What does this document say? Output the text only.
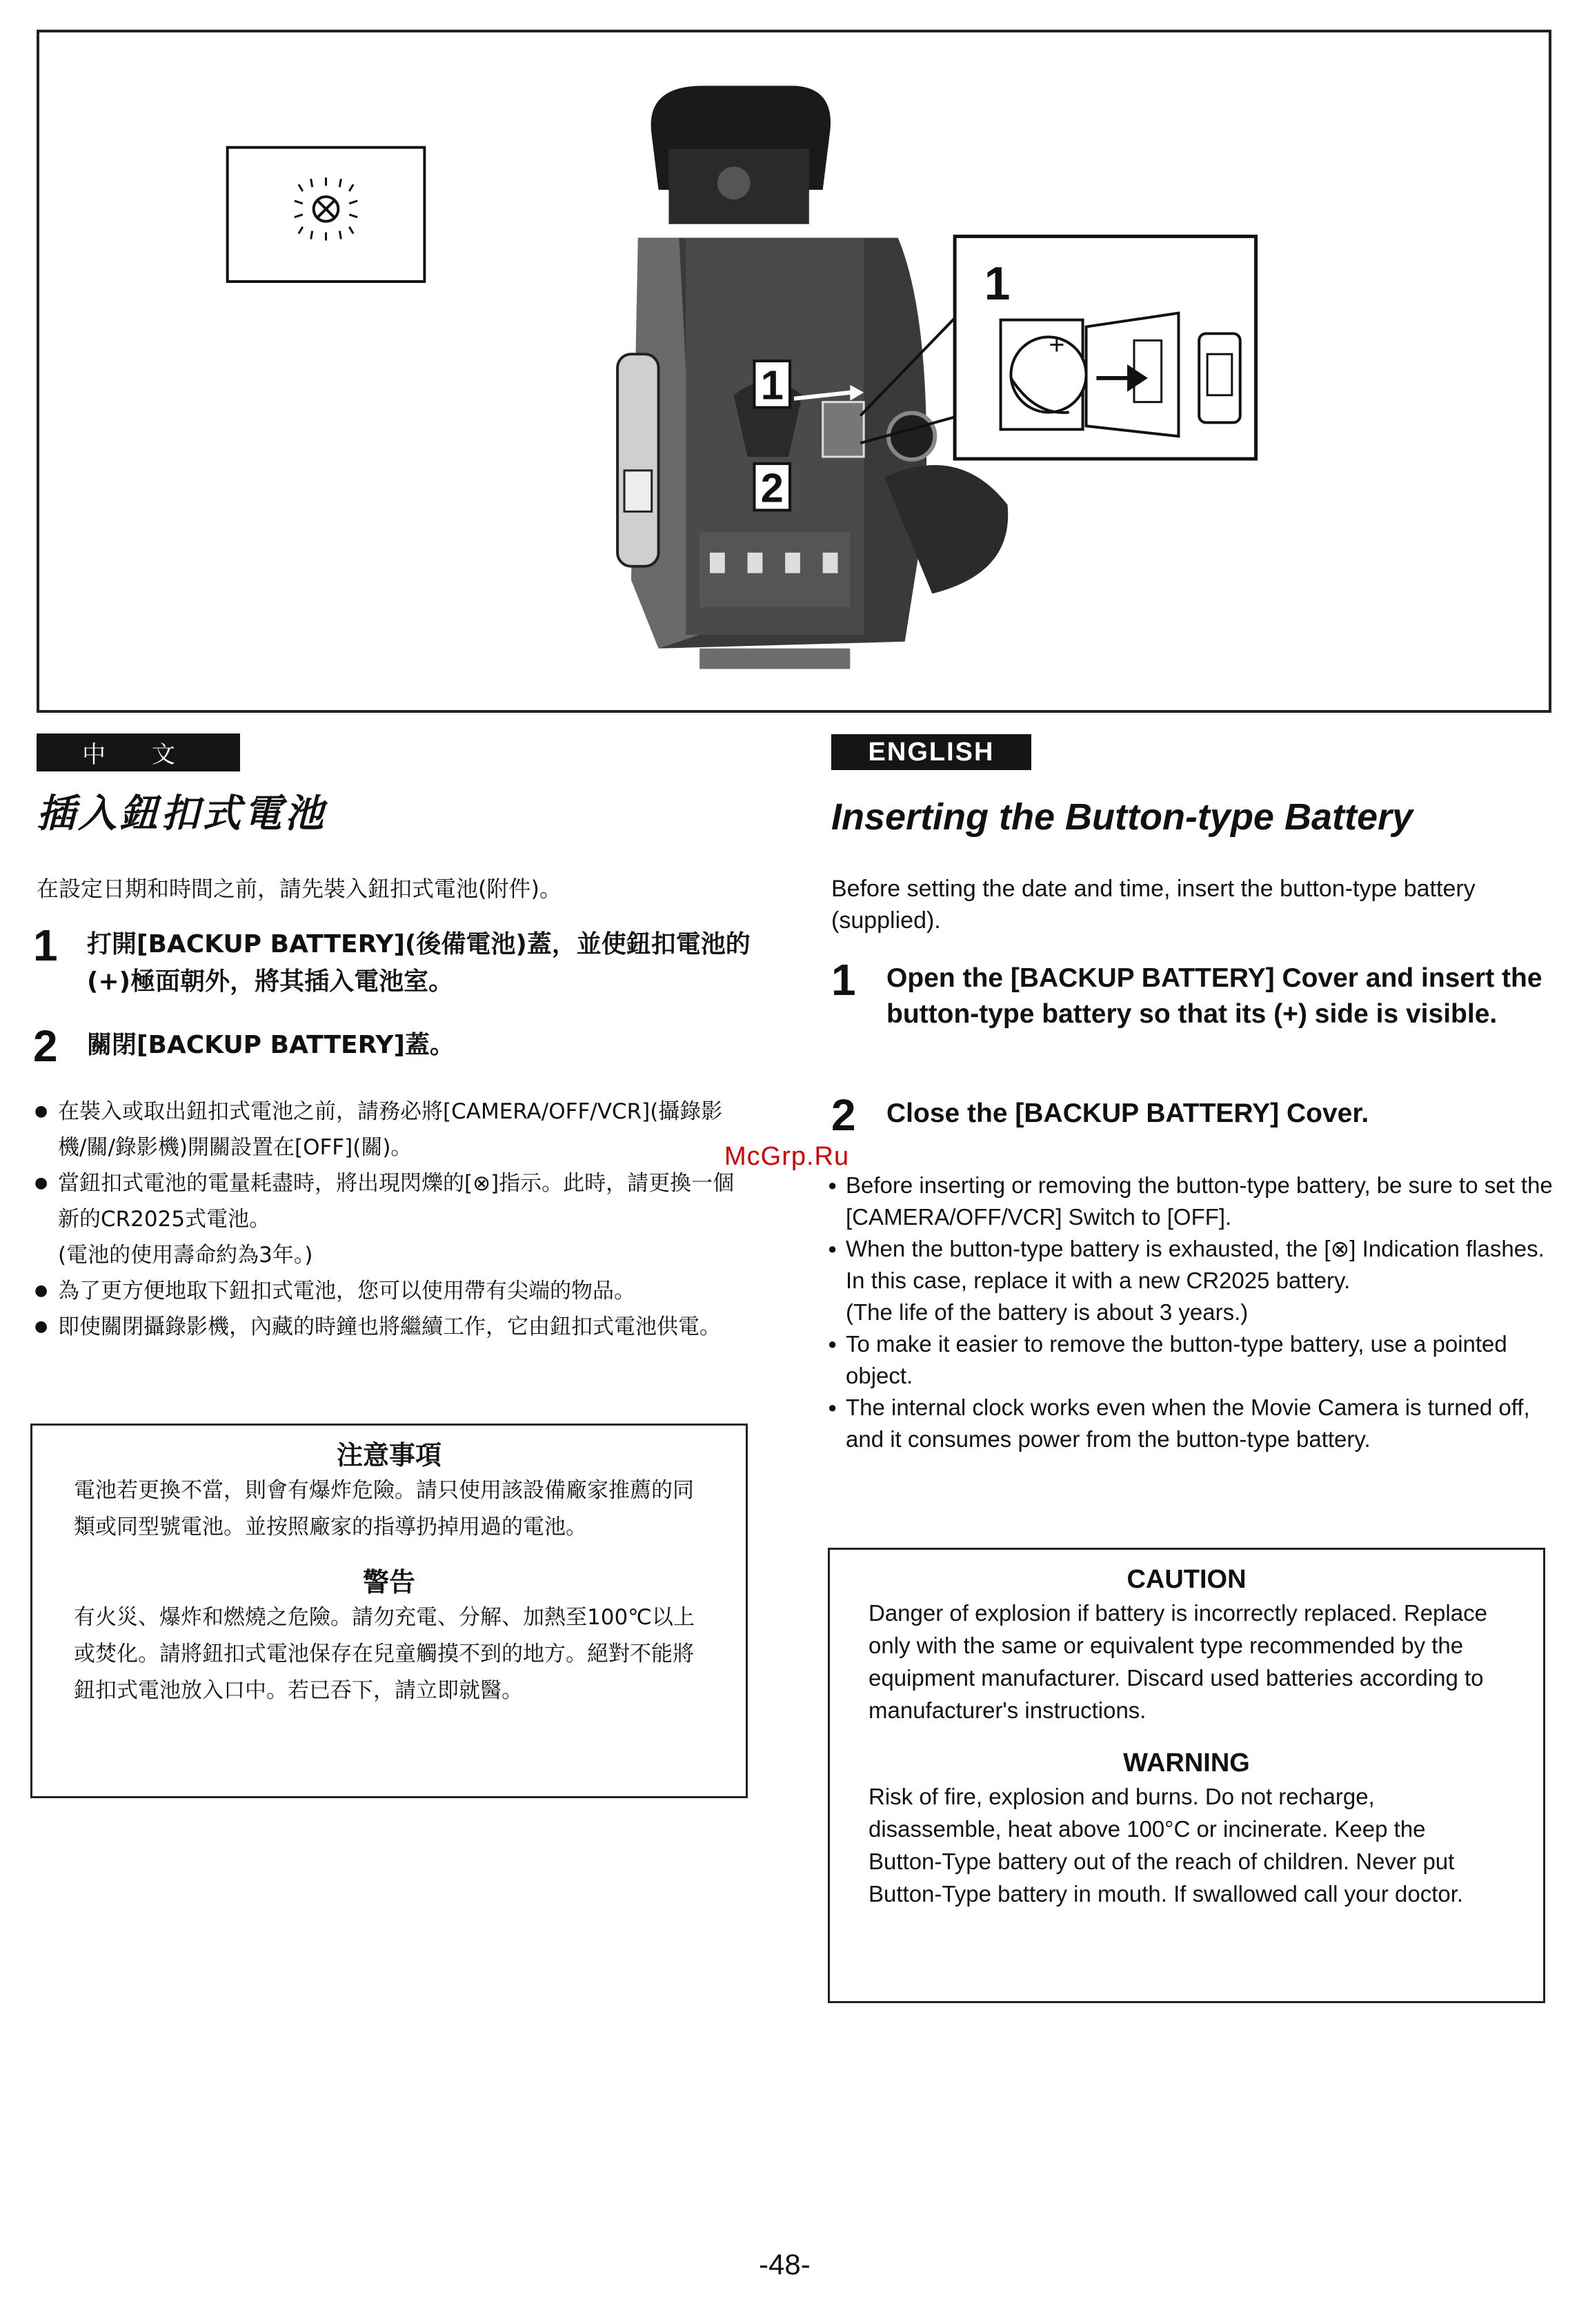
1
2
1
+
中 文	ENGLISH
插入鈕扣式電池	Inserting the Button-type Battery
在設定日期和時間之前，請先裝入鈕扣式電池(附件)。	Before setting the date and time, insert the button-type battery (supplied).
1	打開[BACKUP BATTERY](後備電池)蓋，並使鈕扣電池的(+)極面朝外，將其插入電池室。
2	關閉[BACKUP BATTERY]蓋。
1	Open the [BACKUP BATTERY] Cover and insert the button-type battery so that its (+) side is visible.
2	Close the [BACKUP BATTERY] Cover.
● 在裝入或取出鈕扣式電池之前，請務必將[CAMERA/OFF/VCR](攝錄影機/關/錄影機)開關設置在[OFF](關)。
● 當鈕扣式電池的電量耗盡時，將出現閃爍的[⊗]指示。此時，請更換一個新的CR2025式電池。
(電池的使用壽命約為3年。)
● 為了更方便地取下鈕扣式電池，您可以使用帶有尖端的物品。
● 即使關閉攝錄影機，內藏的時鐘也將繼續工作，它由鈕扣式電池供電。
● Before inserting or removing the button-type battery, be sure to set the [CAMERA/OFF/VCR] Switch to [OFF].
● When the button-type battery is exhausted, the [⊗] Indication flashes. In this case, replace it with a new CR2025 battery.
(The life of the battery is about 3 years.)
● To make it easier to remove the button-type battery, use a pointed object.
● The internal clock works even when the Movie Camera is turned off, and it consumes power from the button-type battery.
注意事項

電池若更換不當，則會有爆炸危險。請只使用該設備廠家推薦的同類或同型號電池。並按照廠家的指導扔掉用過的電池。

警告

有火災、爆炸和燃燒之危險。請勿充電、分解、加熱至100℃以上或焚化。請將鈕扣式電池保存在兒童觸摸不到的地方。絕對不能將鈕扣式電池放入口中。若已吞下，請立即就醫。

CAUTION

Danger of explosion if battery is incorrectly replaced. Replace only with the same or equivalent type recommended by the equipment manufacturer. Discard used batteries according to manufacturer's instructions.

WARNING

Risk of fire, explosion and burns. Do not recharge, disassemble, heat above 100°C or incinerate. Keep the Button-Type battery out of the reach of children. Never put Button-Type battery in mouth. If swallowed call your doctor.

McGrp.Ru
-48-
